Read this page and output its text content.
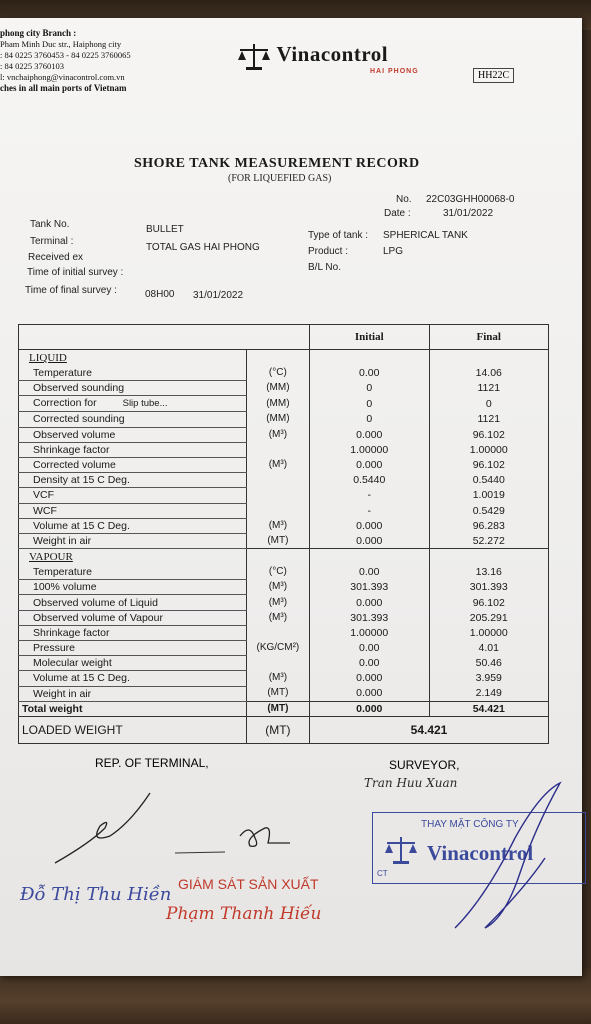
phong city Branch :
Pham Minh Duc str., Haiphong city
: 84 0225 3760453 - 84 0225 3760065
: 84 0225 3760103
l: vnchaiphong@vinacontrol.com.vn
ches in all main ports of Vietnam
Vinacontrol
HAI PHONG	HH22C
SHORE TANK MEASUREMENT RECORD
(FOR LIQUEFIED GAS)
No. 22C03GHH00068-0
Date :	31/01/2022
Tank No.	BULLET
Terminal :
TOTAL GAS HAI PHONG
Received ex
Time of initial survey :
Time of final survey :	08H00 31/01/2022
Type of tank : SPHERICAL TANK
Product :	LPG
B/L No.
		Initial	Final
LIQUID			
Temperature	(°C)	0.00	14.06
Observed sounding	(MM)	0	1121
Correction for Slip tube...	(MM)	0	0
Corrected sounding	(MM)	0	1121
Observed volume	(M³)	0.000	96.102
Shrinkage factor		1.00000	1.00000
Corrected volume	(M³)	0.000	96.102
Density at 15 C Deg.		0.5440	0.5440
VCF		-	1.0019
WCF		-	0.5429
Volume at 15 C Deg.	(M³)	0.000	96.283
Weight in air	(MT)	0.000	52.272
VAPOUR			
Temperature	(°C)	0.00	13.16
100% volume	(M³)	301.393	301.393
Observed volume of Liquid	(M³)	0.000	96.102
Observed volume of Vapour	(M³)	301.393	205.291
Shrinkage factor		1.00000	1.00000
Pressure	(KG/CM²)	0.00	4.01
Molecular weight		0.00	50.46
Volume at 15 C Deg.	(M³)	0.000	3.959
Weight in air	(MT)	0.000	2.149
Total weight	(MT)	0.000	54.421
LOADED WEIGHT	(MT)	54.421	
REP. OF TERMINAL,	SURVEYOR,
Tran Huu Xuan
THAY MẶT CÔNG TY
Vinacontrol
CT
GIÁM SÁT SẢN XUẤT
Đỗ Thị Thu Hiền
Phạm Thanh Hiếu
